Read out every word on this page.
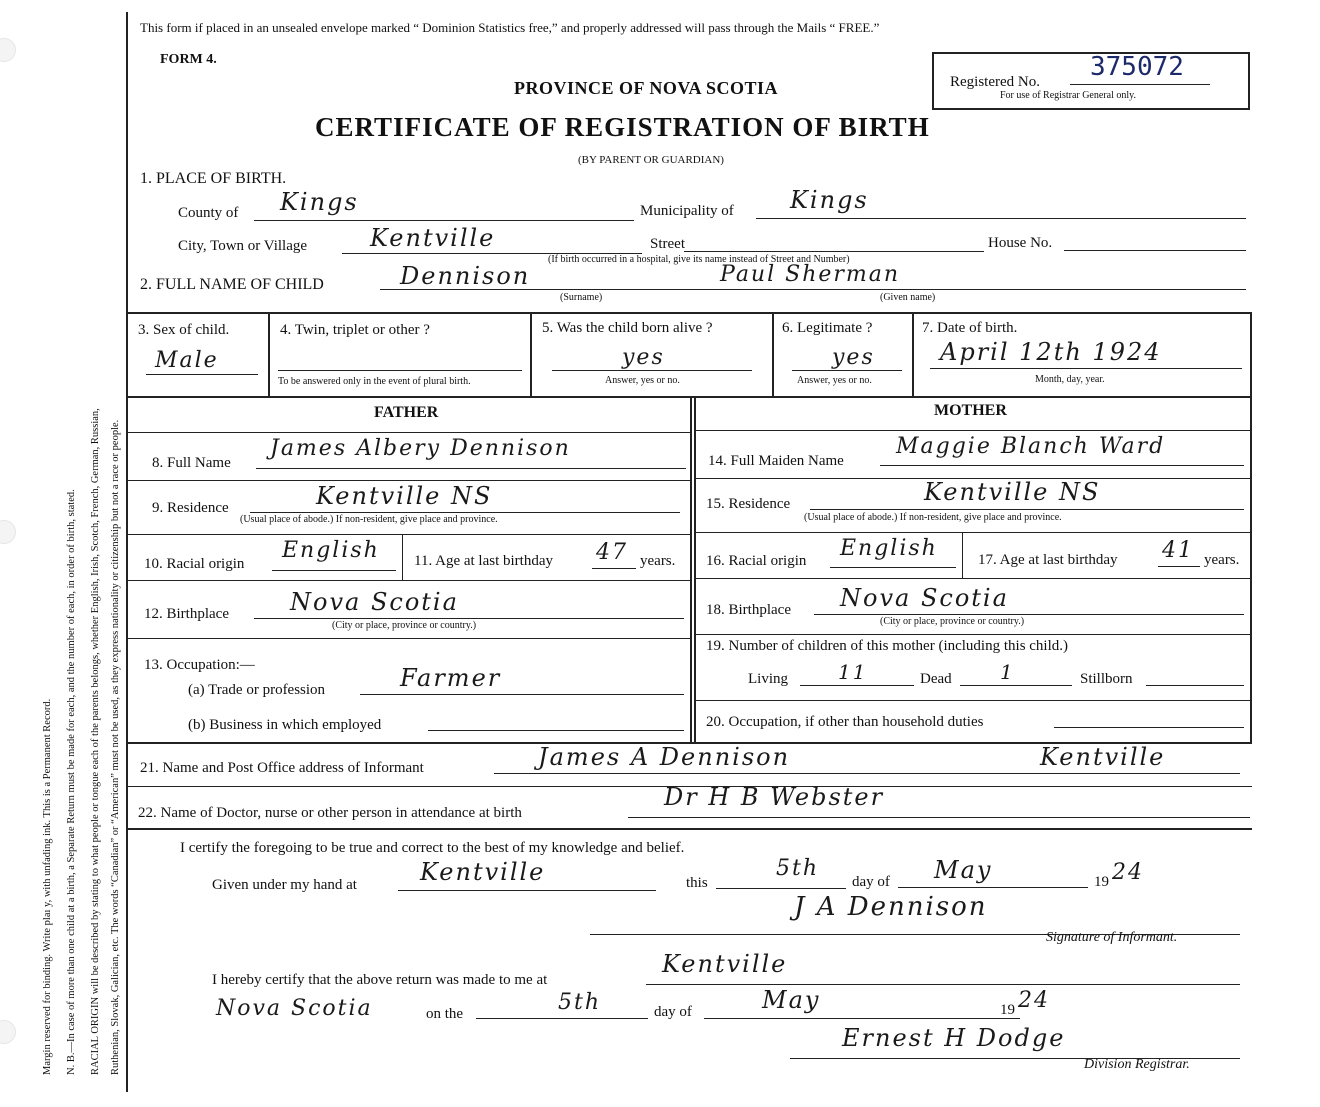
Margin reserved for binding. Write plaı y, with unfading ink. This is a Permanent Record. N. B.—In case of more than one child at a birth, a Separate Return must be made for each, and the number of each, in order of birth, stated. RACIAL ORIGIN will be described by stating to what people or tongue each of the parents belongs, whether English, Irish, Scotch, French, German, Russian, Ruthenian, Slovak, Galician, etc. The words “Canadian” or “American” must not be used, as they express nationality or citizenship but not a race or people.
This form if placed in an unsealed envelope marked “ Dominion Statistics free,” and properly addressed will pass through the Mails “ FREE.”
FORM 4.
PROVINCE OF NOVA SCOTIA
CERTIFICATE OF REGISTRATION OF BIRTH
(BY PARENT OR GUARDIAN)
Registered No. 375072
For use of Registrar General only.
1. PLACE OF BIRTH.
County of Kings	Municipality of Kings
City, Town or Village	Kentville	Street
(If birth occurred in a hospital, give its name instead of Street and Number)
House No.
2. FULL NAME OF CHILD	Dennison	Paul Sherman
(Surname)	(Given name)
3. Sex of child.
Male
4. Twin, triplet or other ?
To be answered only in the event of plural birth.
5. Was the child born alive ?
yes
Answer, yes or no.
6. Legitimate ?
yes
Answer, yes or no.
7. Date of birth.
April 12th 1924
Month, day, year.
FATHER	MOTHER
8. Full Name
James Albery Dennison
9. Residence	Kentville NS
(Usual place of abode.) If non-resident, give place and province.
10. Racial origin
English 11. Age at last birthday 47 years.
12. Birthplace	Nova Scotia
(City or place, province or country.)
13. Occupation:—
(a) Trade or profession	Farmer
(b) Business in which employed
14. Full Maiden Name
Maggie Blanch Ward
15. Residence	Kentville NS
(Usual place of abode.) If non-resident, give place and province.
16. Racial origin English	17. Age at last birthday 41 years.
18. Birthplace Nova Scotia
(City or place, province or country.)
19. Number of children of this mother (including this child.)
Living	11	Dead 1	Stillborn
20. Occupation, if other than household duties
21. Name and Post Office address of Informant	James A Dennison	Kentville
22. Name of Doctor, nurse or other person in attendance at birth
Dr H B Webster
I certify the foregoing to be true and correct to the best of my knowledge and belief.
Given under my hand at	Kentville	this
5th
day of May	19 24
J A Dennison
Signature of Informant.
I hereby certify that the above return was made to me at
Kentville
Nova Scotia	on the	5th	day of	May	19 24
Ernest H Dodge
Division Registrar.
